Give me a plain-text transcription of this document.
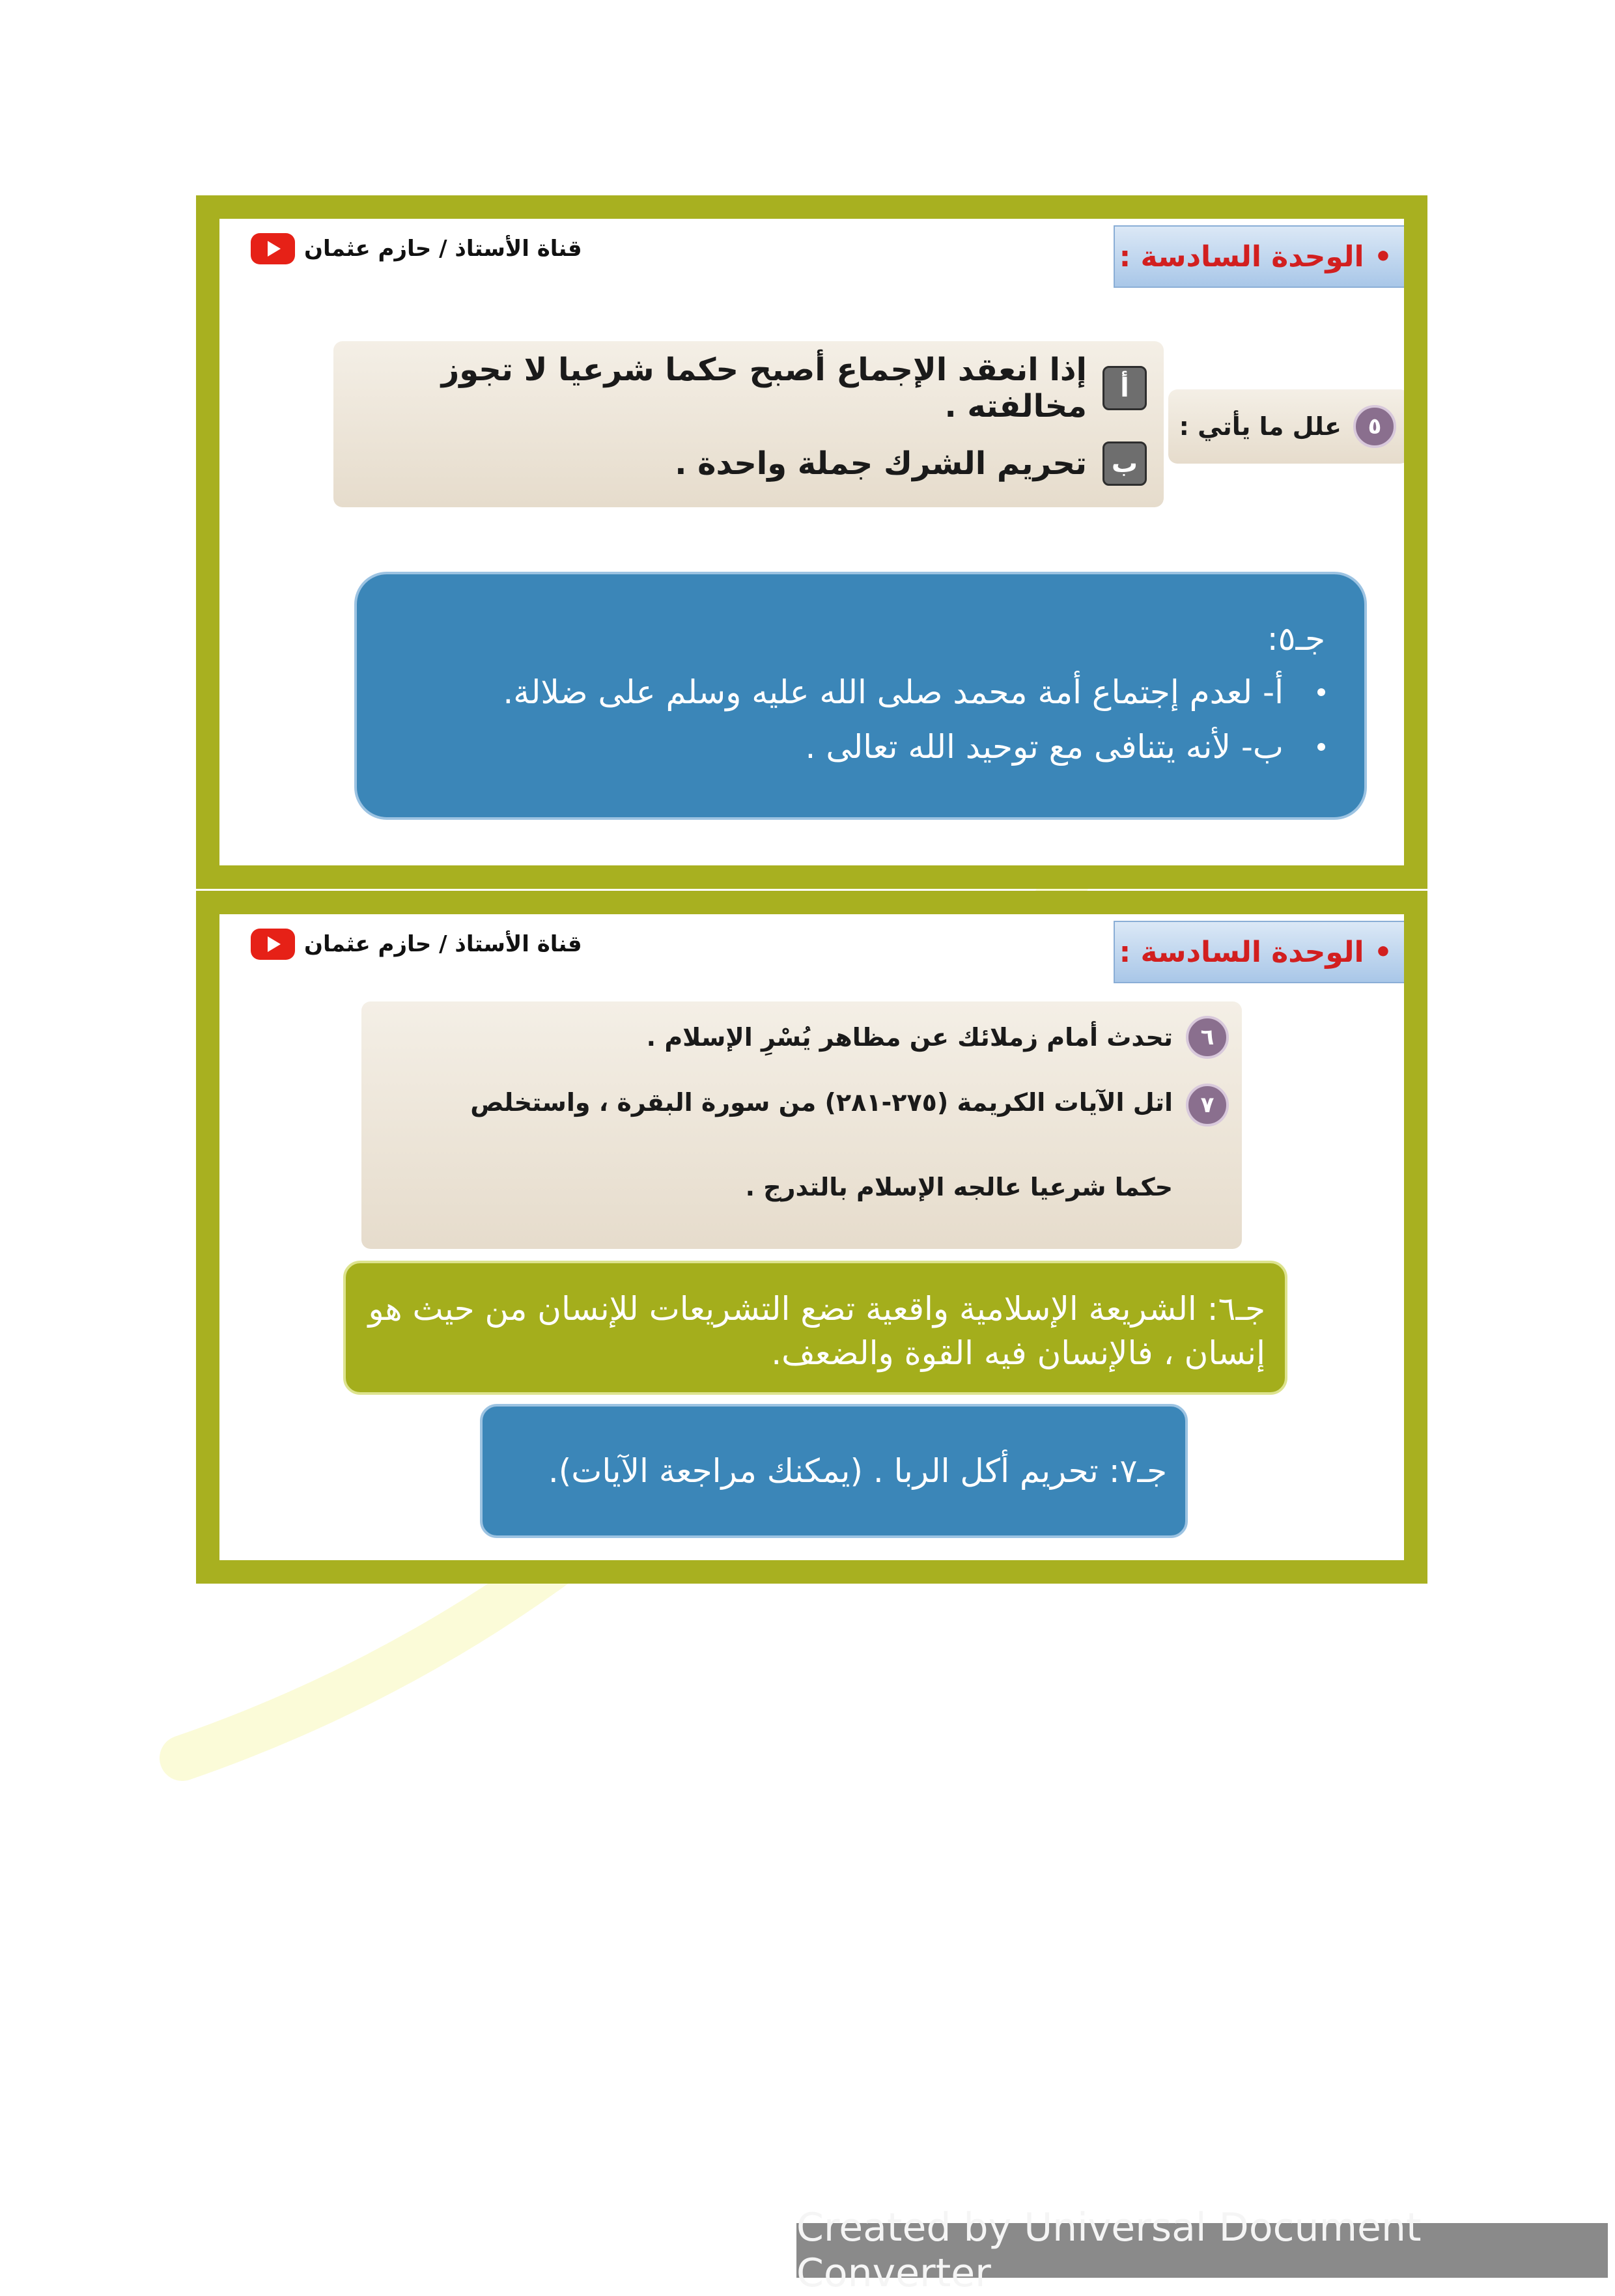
قناة الأستاذ / حازم عثمان	• الوحدة السادسة :
٥
علل ما يأتي :
أ
إذا انعقد الإجماع أصبح حكما شرعيا لا تجوز مخالفته .
ب
تحريم الشرك جملة واحدة .
جـ٥:
أ- لعدم إجتماع أمة محمد صلى الله عليه وسلم على ضلالة.
ب- لأنه يتنافى مع توحيد الله تعالى .
قناة الأستاذ / حازم عثمان	• الوحدة السادسة :
٦
تحدث أمام زملائك عن مظاهر يُسْرِ الإسلام .
٧
اتل الآيات الكريمة (٢٧٥-٢٨١) من سورة البقرة ، واستخلص حكما شرعيا عالجه الإسلام بالتدرج .
جـ٦: الشريعة الإسلامية واقعية تضع التشريعات للإنسان من حيث هو إنسان ، فالإنسان فيه القوة والضعف.
جـ٧: تحريم أكل الربا . (يمكنك مراجعة الآيات).
Created by Universal Document Converter
